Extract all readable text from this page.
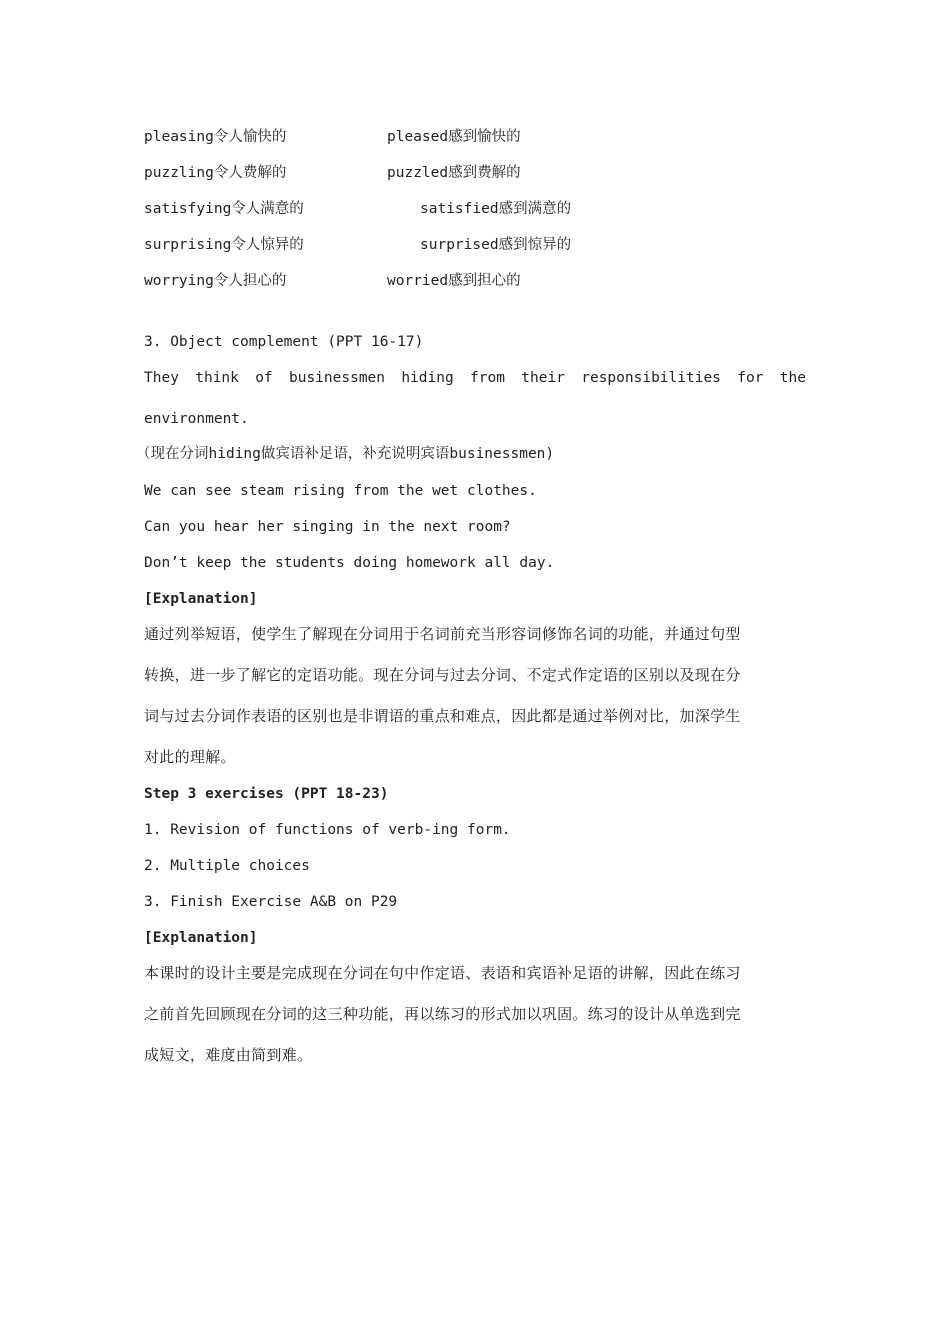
pleasing令人愉快的	pleased感到愉快的
puzzling令人费解的	puzzled感到费解的
satisfying令人满意的	satisfied感到满意的
surprising令人惊异的	surprised感到惊异的
worrying令人担心的	worried感到担心的
3. Object complement (PPT 16-17)
They think of businessmen hiding from their responsibilities for the
environment.
（现在分词hiding做宾语补足语，补充说明宾语businessmen)
We can see steam rising from the wet clothes.
Can you hear her singing in the next room?
Don’t keep the students doing homework all day.
[Explanation]
通过列举短语，使学生了解现在分词用于名词前充当形容词修饰名词的功能，并通过句型
转换，进一步了解它的定语功能。现在分词与过去分词、不定式作定语的区别以及现在分
词与过去分词作表语的区别也是非谓语的重点和难点，因此都是通过举例对比，加深学生
对此的理解。
Step 3 exercises (PPT 18-23)
1. Revision of functions of verb-ing form.
2. Multiple choices
3. Finish Exercise A&B on P29
[Explanation]
本课时的设计主要是完成现在分词在句中作定语、表语和宾语补足语的讲解，因此在练习
之前首先回顾现在分词的这三种功能，再以练习的形式加以巩固。练习的设计从单选到完
成短文，难度由简到难。
